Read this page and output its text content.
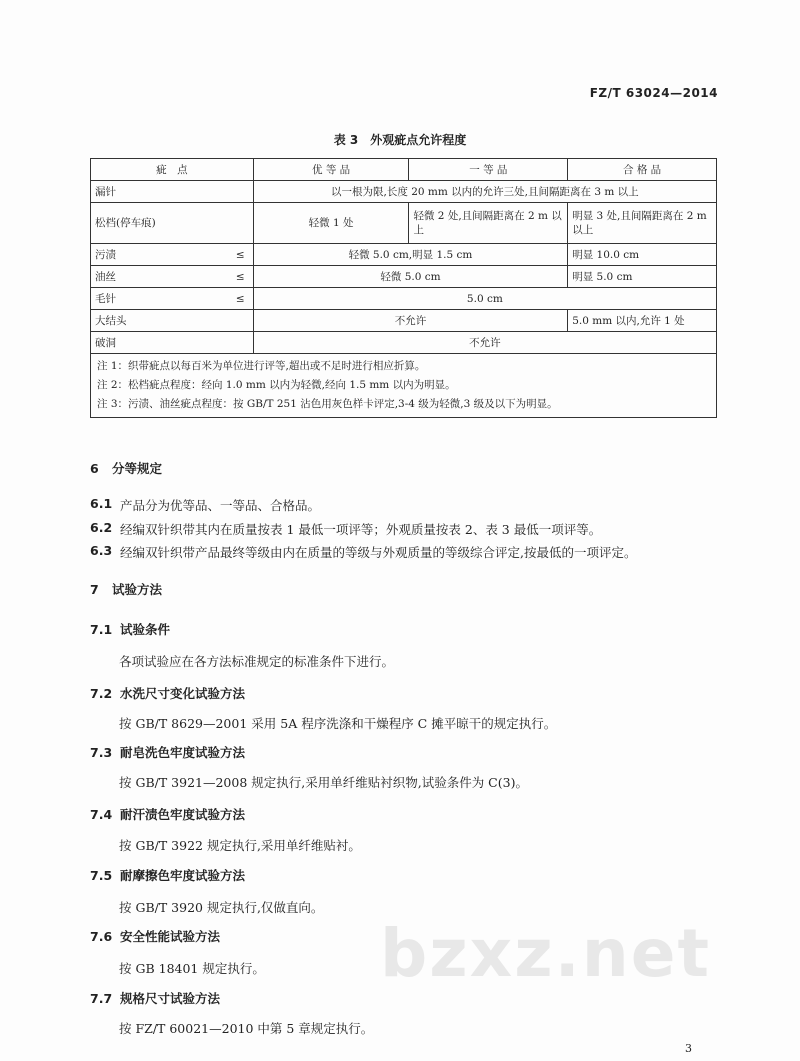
FZ/T 63024—2014
表 3　外观疵点允许程度
疵　点	优 等 品	一 等 品	合 格 品
漏针	以一根为限,长度 20 mm 以内的允许三处,且间隔距离在 3 m 以上		
松档(停车痕)	轻微 1 处	轻微 2 处,且间隔距离在 2 m 以上	明显 3 处,且间隔距离在 2 m 以上
污渍 ≤	轻微 5.0 cm,明显 1.5 cm		明显 10.0 cm
油丝 ≤	轻微 5.0 cm		明显 5.0 cm
毛针 ≤	5.0 cm		
大结头	不允许		5.0 mm 以内,允许 1 处
破洞	不允许		

注 1：织带疵点以每百米为单位进行评等,超出或不足时进行相应折算。
注 2：松档疵点程度：经向 1.0 mm 以内为轻微,经向 1.5 mm 以内为明显。
注 3：污渍、油丝疵点程度：按 GB/T 251 沾色用灰色样卡评定,3-4 级为轻微,3 级及以下为明显。			
6 分等规定
6.1 产品分为优等品、一等品、合格品。
6.2 经编双针织带其内在质量按表 1 最低一项评等；外观质量按表 2、表 3 最低一项评等。
6.3 经编双针织带产品最终等级由内在质量的等级与外观质量的等级综合评定,按最低的一项评定。
7 试验方法
7.1 试验条件
各项试验应在各方法标准规定的标准条件下进行。
7.2 水洗尺寸变化试验方法
按 GB/T 8629—2001 采用 5A 程序洗涤和干燥程序 C 摊平晾干的规定执行。
7.3 耐皂洗色牢度试验方法
按 GB/T 3921—2008 规定执行,采用单纤维贴衬织物,试验条件为 C(3)。
7.4 耐汗渍色牢度试验方法
按 GB/T 3922 规定执行,采用单纤维贴衬。
7.5 耐摩擦色牢度试验方法
按 GB/T 3920 规定执行,仅做直向。
7.6 安全性能试验方法
按 GB 18401 规定执行。
7.7 规格尺寸试验方法
按 FZ/T 60021—2010 中第 5 章规定执行。
bzxz.net
3
